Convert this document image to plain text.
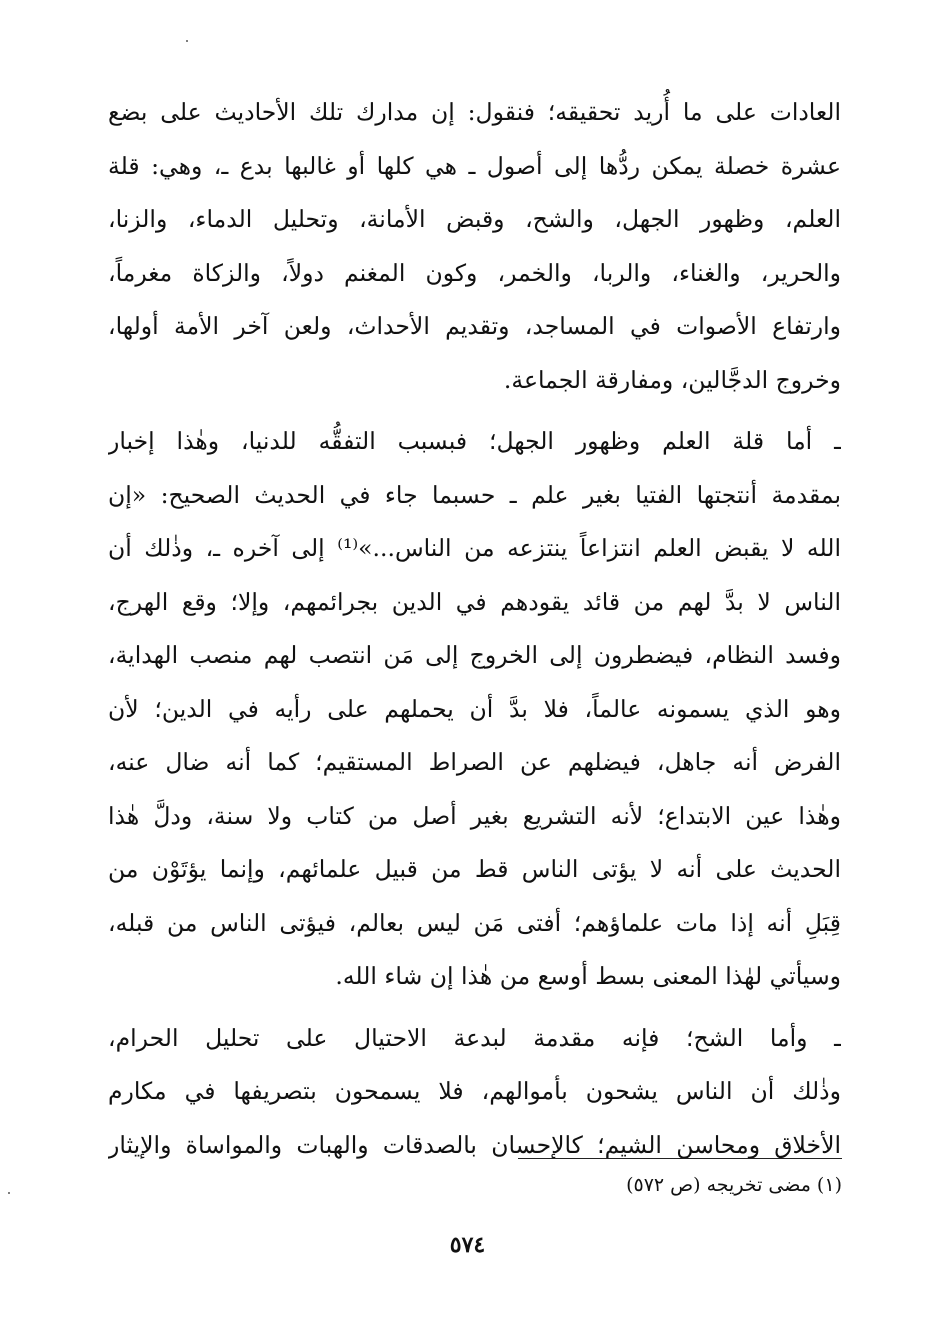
العادات على ما أُريد تحقيقه؛ فنقول: إن مدارك تلك الأحاديث على بضع
عشرة خصلة يمكن ردُّها إلى أصول ـ هي كلها أو غالبها بدع ـ، وهي: قلة
العلم، وظهور الجهل، والشح، وقبض الأمانة، وتحليل الدماء، والزنا،
والحرير، والغناء، والربا، والخمر، وكون المغنم دولاً، والزكاة مغرماً،
وارتفاع الأصوات في المساجد، وتقديم الأحداث، ولعن آخر الأمة أولها،
وخروج الدجَّالين، ومفارقة الجماعة.
ـ أما قلة العلم وظهور الجهل؛ فبسبب التفقُّه للدنيا، وهٰذا إخبار
بمقدمة أنتجتها الفتيا بغير علم ـ حسبما جاء في الحديث الصحيح: «إن
الله لا يقبض العلم انتزاعاً ينتزعه من الناس...»⁽¹⁾ إلى آخره ـ، وذٰلك أن
الناس لا بدَّ لهم من قائد يقودهم في الدين بجرائمهم، وإلا؛ وقع الهرج،
وفسد النظام، فيضطرون إلى الخروج إلى مَن انتصب لهم منصب الهداية،
وهو الذي يسمونه عالماً، فلا بدَّ أن يحملهم على رأيه في الدين؛ لأن
الفرض أنه جاهل، فيضلهم عن الصراط المستقيم؛ كما أنه ضال عنه،
وهٰذا عين الابتداع؛ لأنه التشريع بغير أصل من كتاب ولا سنة، ودلَّ هٰذا
الحديث على أنه لا يؤتى الناس قط من قبيل علمائهم، وإنما يؤتَوْن من
قِبَلِ أنه إذا مات علماؤهم؛ أفتى مَن ليس بعالم، فيؤتى الناس من قبله،
وسيأتي لهٰذا المعنى بسط أوسع من هٰذا إن شاء الله.
ـ وأما الشح؛ فإنه مقدمة لبدعة الاحتيال على تحليل الحرام،
وذٰلك أن الناس يشحون بأموالهم، فلا يسمحون بتصريفها في مكارم
الأخلاق ومحاسن الشيم؛ كالإحسان بالصدقات والهبات والمواساة والإيثار
(١) مضى تخريجه (ص ٥٧٢)
٥٧٤
